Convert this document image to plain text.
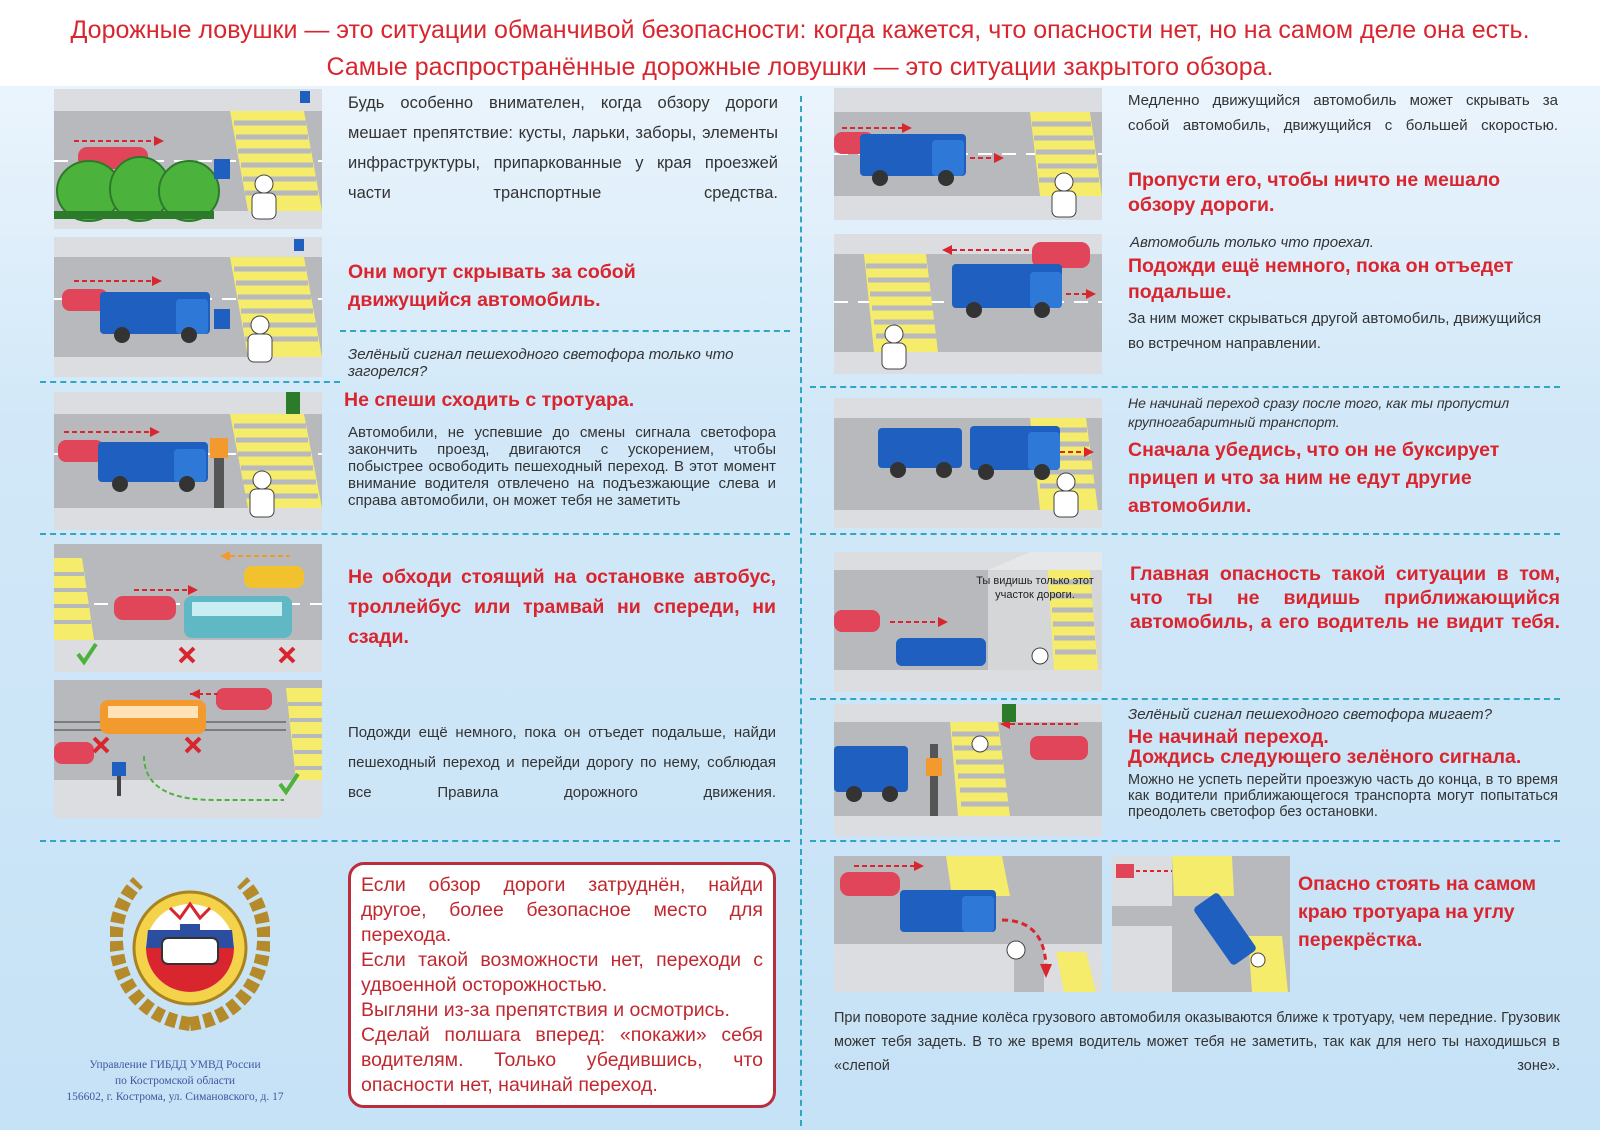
Дорожные ловушки — это ситуации обманчивой безопасности: когда кажется, что опасности нет, но на самом деле она есть.
Самые распространённые дорожные ловушки — это ситуации закрытого обзора.
Будь особенно внимателен, когда обзору дороги мешает препятствие: кусты, ларьки, заборы, элементы инфраструктуры, припаркованные у края проезжей части транспортные средства.
Они могут скрывать за собой движущийся автомобиль.
Зелёный сигнал пешеходного светофора только что загорелся?
Не спеши сходить с тротуара.
Автомобили, не успевшие до смены сигнала светофора закончить проезд, двигаются с ускорением, чтобы побыстрее освободить пешеходный переход. В этот момент внимание водителя отвлечено на подъезжающие слева и справа автомобили, он может тебя не заметить
Не обходи стоящий на остановке автобус, троллейбус или трамвай ни спереди, ни сзади.
Подожди ещё немного, пока он отъедет подальше, найди пешеходный переход и перейди дорогу по нему, соблюдая все Правила дорожного движения.
Управление ГИБДД УМВД России
по Костромской области
156602, г. Кострома, ул. Симановского, д. 17

Если обзор дороги затруднён, найди другое, более безопасное место для перехода.

Если такой возможности нет, переходи с удвоенной осторожностью.

Выгляни из-за препятствия и осмотрись.

Сделай полшага вперед: «покажи» себя водителям. Только убедившись, что опасности нет, начинай переход.

Медленно движущийся автомобиль может скрывать за собой автомобиль, движущийся с большей скоростью.
Пропусти его, чтобы ничто не мешало обзору дороги.
Автомобиль только что проехал.
Подожди ещё немного, пока он отъедет подальше.
За ним может скрываться другой автомобиль, движущийся во встречном направлении.
Не начинай переход сразу после того, как ты пропустил крупногабаритный транспорт.
Сначала убедись, что он не буксирует прицеп и что за ним не едут другие автомобили.
Ты видишь только этот участок дороги.
Главная опасность такой ситуации в том, что ты не видишь приближающийся автомобиль, а его водитель не видит тебя.
Зелёный сигнал пешеходного светофора мигает?
Не начинай переход.
Дождись следующего зелёного сигнала.
Можно не успеть перейти проезжую часть до конца, в то время как водители приближающегося транспорта могут попытаться преодолеть светофор без остановки.
Опасно стоять на самом краю тротуара на углу перекрёстка.
При повороте задние колёса грузового автомобиля оказываются ближе к тротуару, чем передние. Грузовик может тебя задеть. В то же время водитель может тебя не заметить, так как для него ты находишься в «слепой зоне».
